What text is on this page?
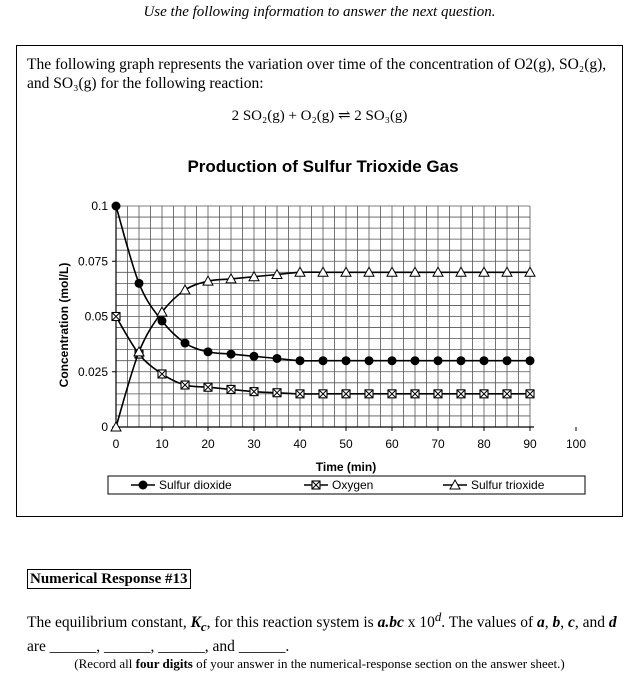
Use the following information to answer the next question.
The following graph represents the variation over time of the concentration of O2(g), SO₂(g),
and SO₃(g) for the following reaction:
2 SO₂(g) + O₂(g) ⇌ 2 SO₃(g)
Production of Sulfur Trioxide Gas
0	10	20	30	40	50	60	70	80	90 100
0
0.025
0.05
0.075
0.1
Concentration (mol/L)
Time (min)
Sulfur dioxide	Oxygen	Sulfur trioxide
Numerical Response #13
The equilibrium constant, $K_c$, for this reaction system is a.bc x 10$^d$. The values of a, b, c, and d
are ______, ______, ______, and ______.
(Record all four digits of your answer in the numerical-response section on the answer sheet.)
